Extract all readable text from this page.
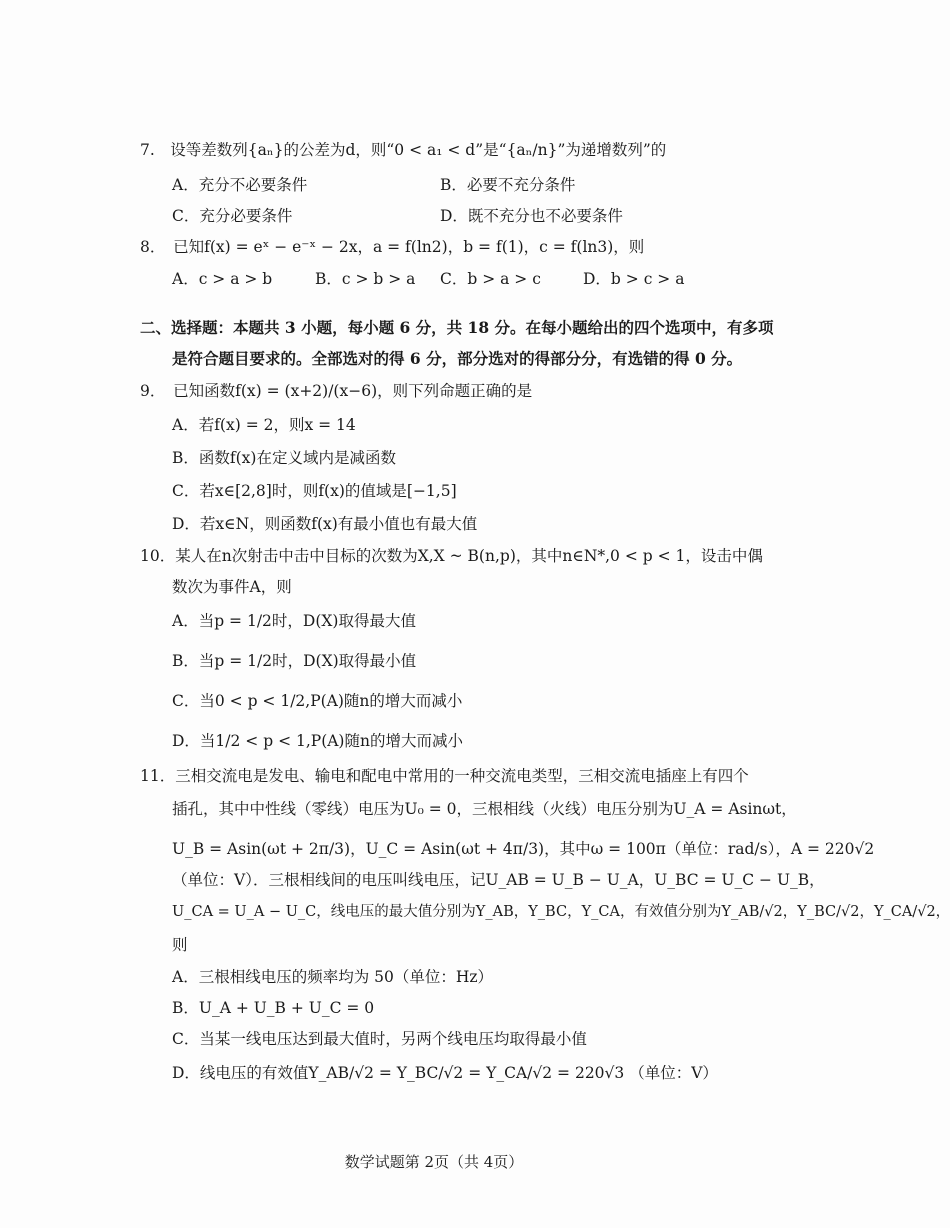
7.　设等差数列{aₙ}的公差为d，则“0 < a₁ < d”是“{aₙ/n}”为递增数列”的
A．充分不必要条件	B．必要不充分条件
C．充分必要条件	D．既不充分也不必要条件
8．　已知f(x) = eˣ − e⁻ˣ − 2x，a = f(ln2)，b = f(1)，c = f(ln3)，则
A．c > a > b	B．c > b > a C．b > a > c	D．b > c > a
二、选择题：本题共 3 小题，每小题 6 分，共 18 分。在每小题给出的四个选项中，有多项
是符合题目要求的。全部选对的得 6 分，部分选对的得部分分，有选错的得 0 分。
9．　已知函数f(x) = (x+2)/(x−6)，则下列命题正确的是
A．若f(x) = 2，则x = 14
B．函数f(x)在定义域内是减函数
C．若x∈[2,8]时，则f(x)的值域是[−1,5]
D．若x∈N，则函数f(x)有最小值也有最大值
10．某人在n次射击中击中目标的次数为X,X ~ B(n,p)，其中n∈N*,0 < p < 1，设击中偶
数次为事件A，则
A．当p = 1/2时，D(X)取得最大值
B．当p = 1/2时，D(X)取得最小值
C．当0 < p < 1/2,P(A)随n的增大而减小
D．当1/2 < p < 1,P(A)随n的增大而减小
11．三相交流电是发电、输电和配电中常用的一种交流电类型，三相交流电插座上有四个
插孔，其中中性线（零线）电压为U₀ = 0，三根相线（火线）电压分别为U_A = Asinωt，
U_B = Asin(ωt + 2π/3)，U_C = Asin(ωt + 4π/3)，其中ω = 100π（单位：rad/s），A = 220√2
（单位：V）．三根相线间的电压叫线电压，记U_AB = U_B − U_A，U_BC = U_C − U_B，
U_CA = U_A − U_C，线电压的最大值分别为Y_AB，Y_BC，Y_CA，有效值分别为Y_AB/√2，Y_BC/√2，Y_CA/√2，
则
A．三根相线电压的频率均为 50（单位：Hz）
B．U_A + U_B + U_C = 0
C．当某一线电压达到最大值时，另两个线电压均取得最小值
D．线电压的有效值Y_AB/√2 = Y_BC/√2 = Y_CA/√2 = 220√3 （单位：V）
数学试题第 2页（共 4页）
